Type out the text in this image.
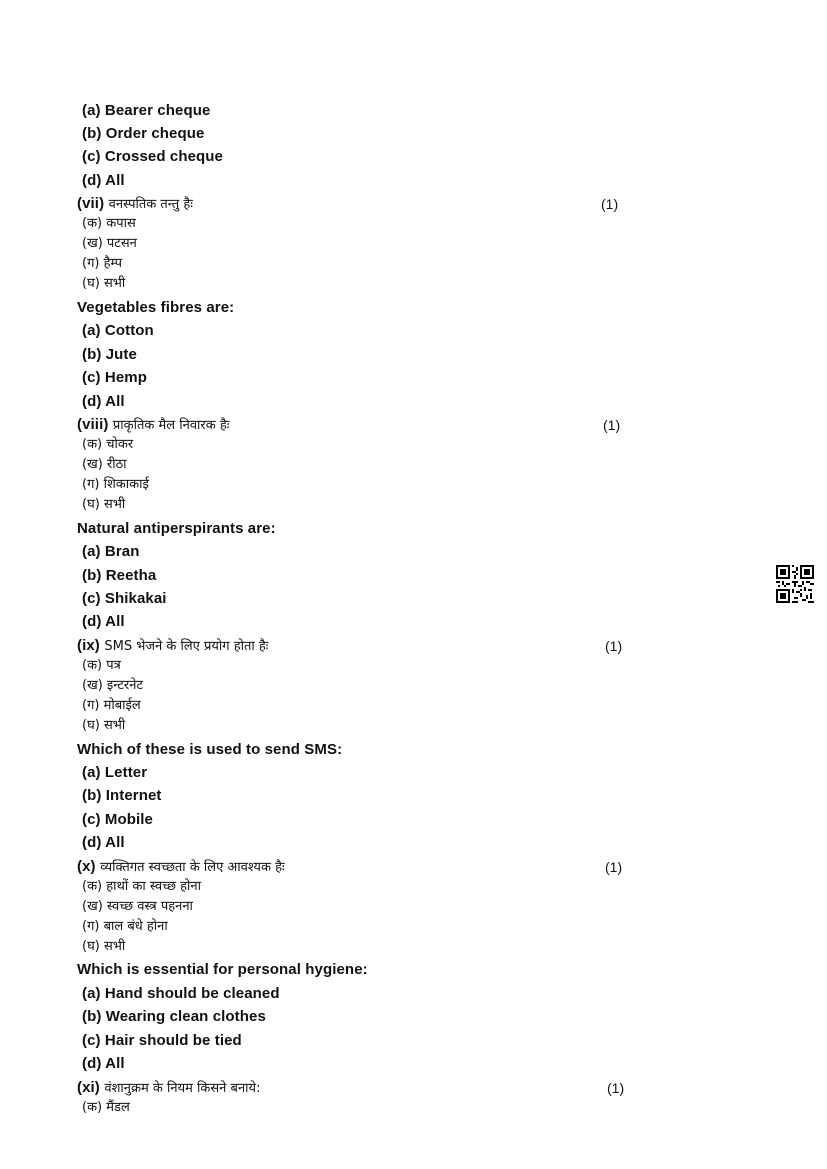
(a) Bearer cheque
(b) Order cheque
(c) Crossed cheque
(d) All
(vii) वनस्पतिक तन्तु हैः	(1)
(क) कपास
(ख) पटसन
(ग) हैम्प
(घ) सभी
Vegetables fibres are:
(a) Cotton
(b) Jute
(c) Hemp
(d) All
(viii) प्राकृतिक मैल निवारक हैः	(1)
(क) चोकर
(ख) रीठा
(ग) शिकाकाई
(घ) सभी
Natural antiperspirants are:
(a) Bran
(b) Reetha
(c) Shikakai
(d) All
(ix) SMS भेजने के लिए प्रयोग होता हैः	(1)
(क) पत्र
(ख) इन्टरनेट
(ग) मोबाईल
(घ) सभी
Which of these is used to send SMS:
(a) Letter
(b) Internet
(c) Mobile
(d) All
(x) व्यक्तिगत स्वच्छता के लिए आवश्यक हैः	(1)
(क) हाथों का स्वच्छ होना
(ख) स्वच्छ वस्त्र पहनना
(ग) बाल बंधे होना
(घ) सभी
Which is essential for personal hygiene:
(a) Hand should be cleaned
(b) Wearing clean clothes
(c) Hair should be tied
(d) All
(xi) वंशानुक्रम के नियम किसने बनाये:	(1)
(क) मैंडल
